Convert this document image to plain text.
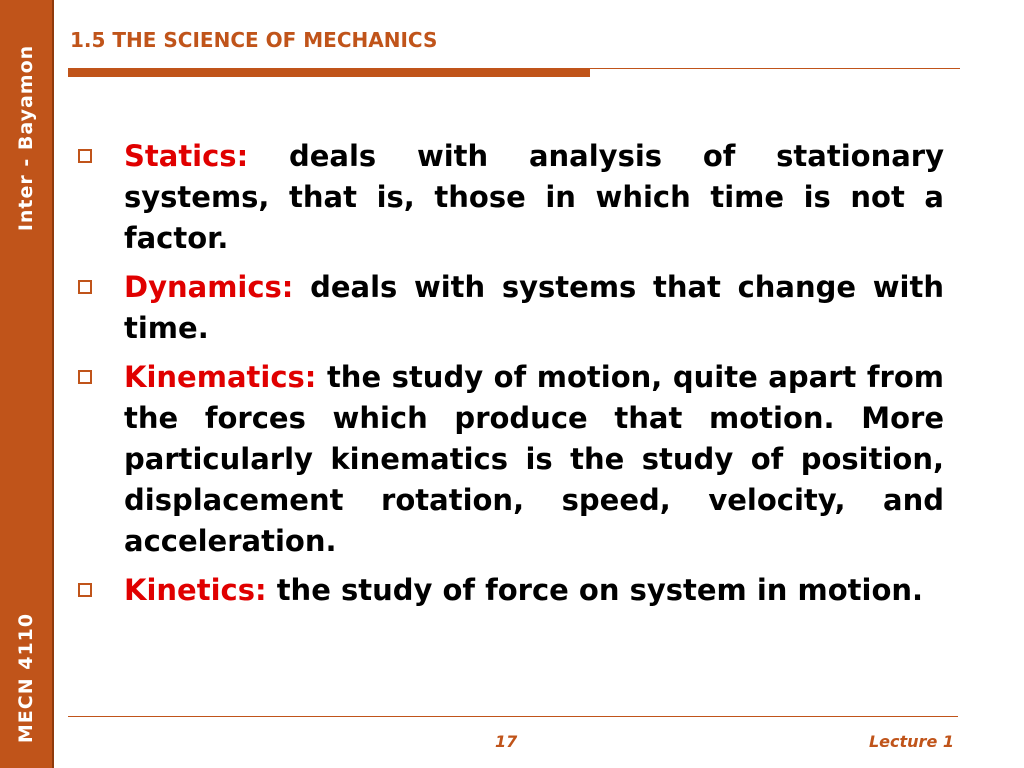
Inter - Bayamon
MECN 4110
1.5 THE SCIENCE OF MECHANICS
Statics: deals with analysis of stationary systems, that is, those in which time is not a factor.
Dynamics: deals with systems that change with time.
Kinematics: the study of motion, quite apart from the forces which produce that motion. More particularly kinematics is the study of position, displacement rotation, speed, velocity, and acceleration.
Kinetics: the study of force on system in motion.
17	Lecture 1
